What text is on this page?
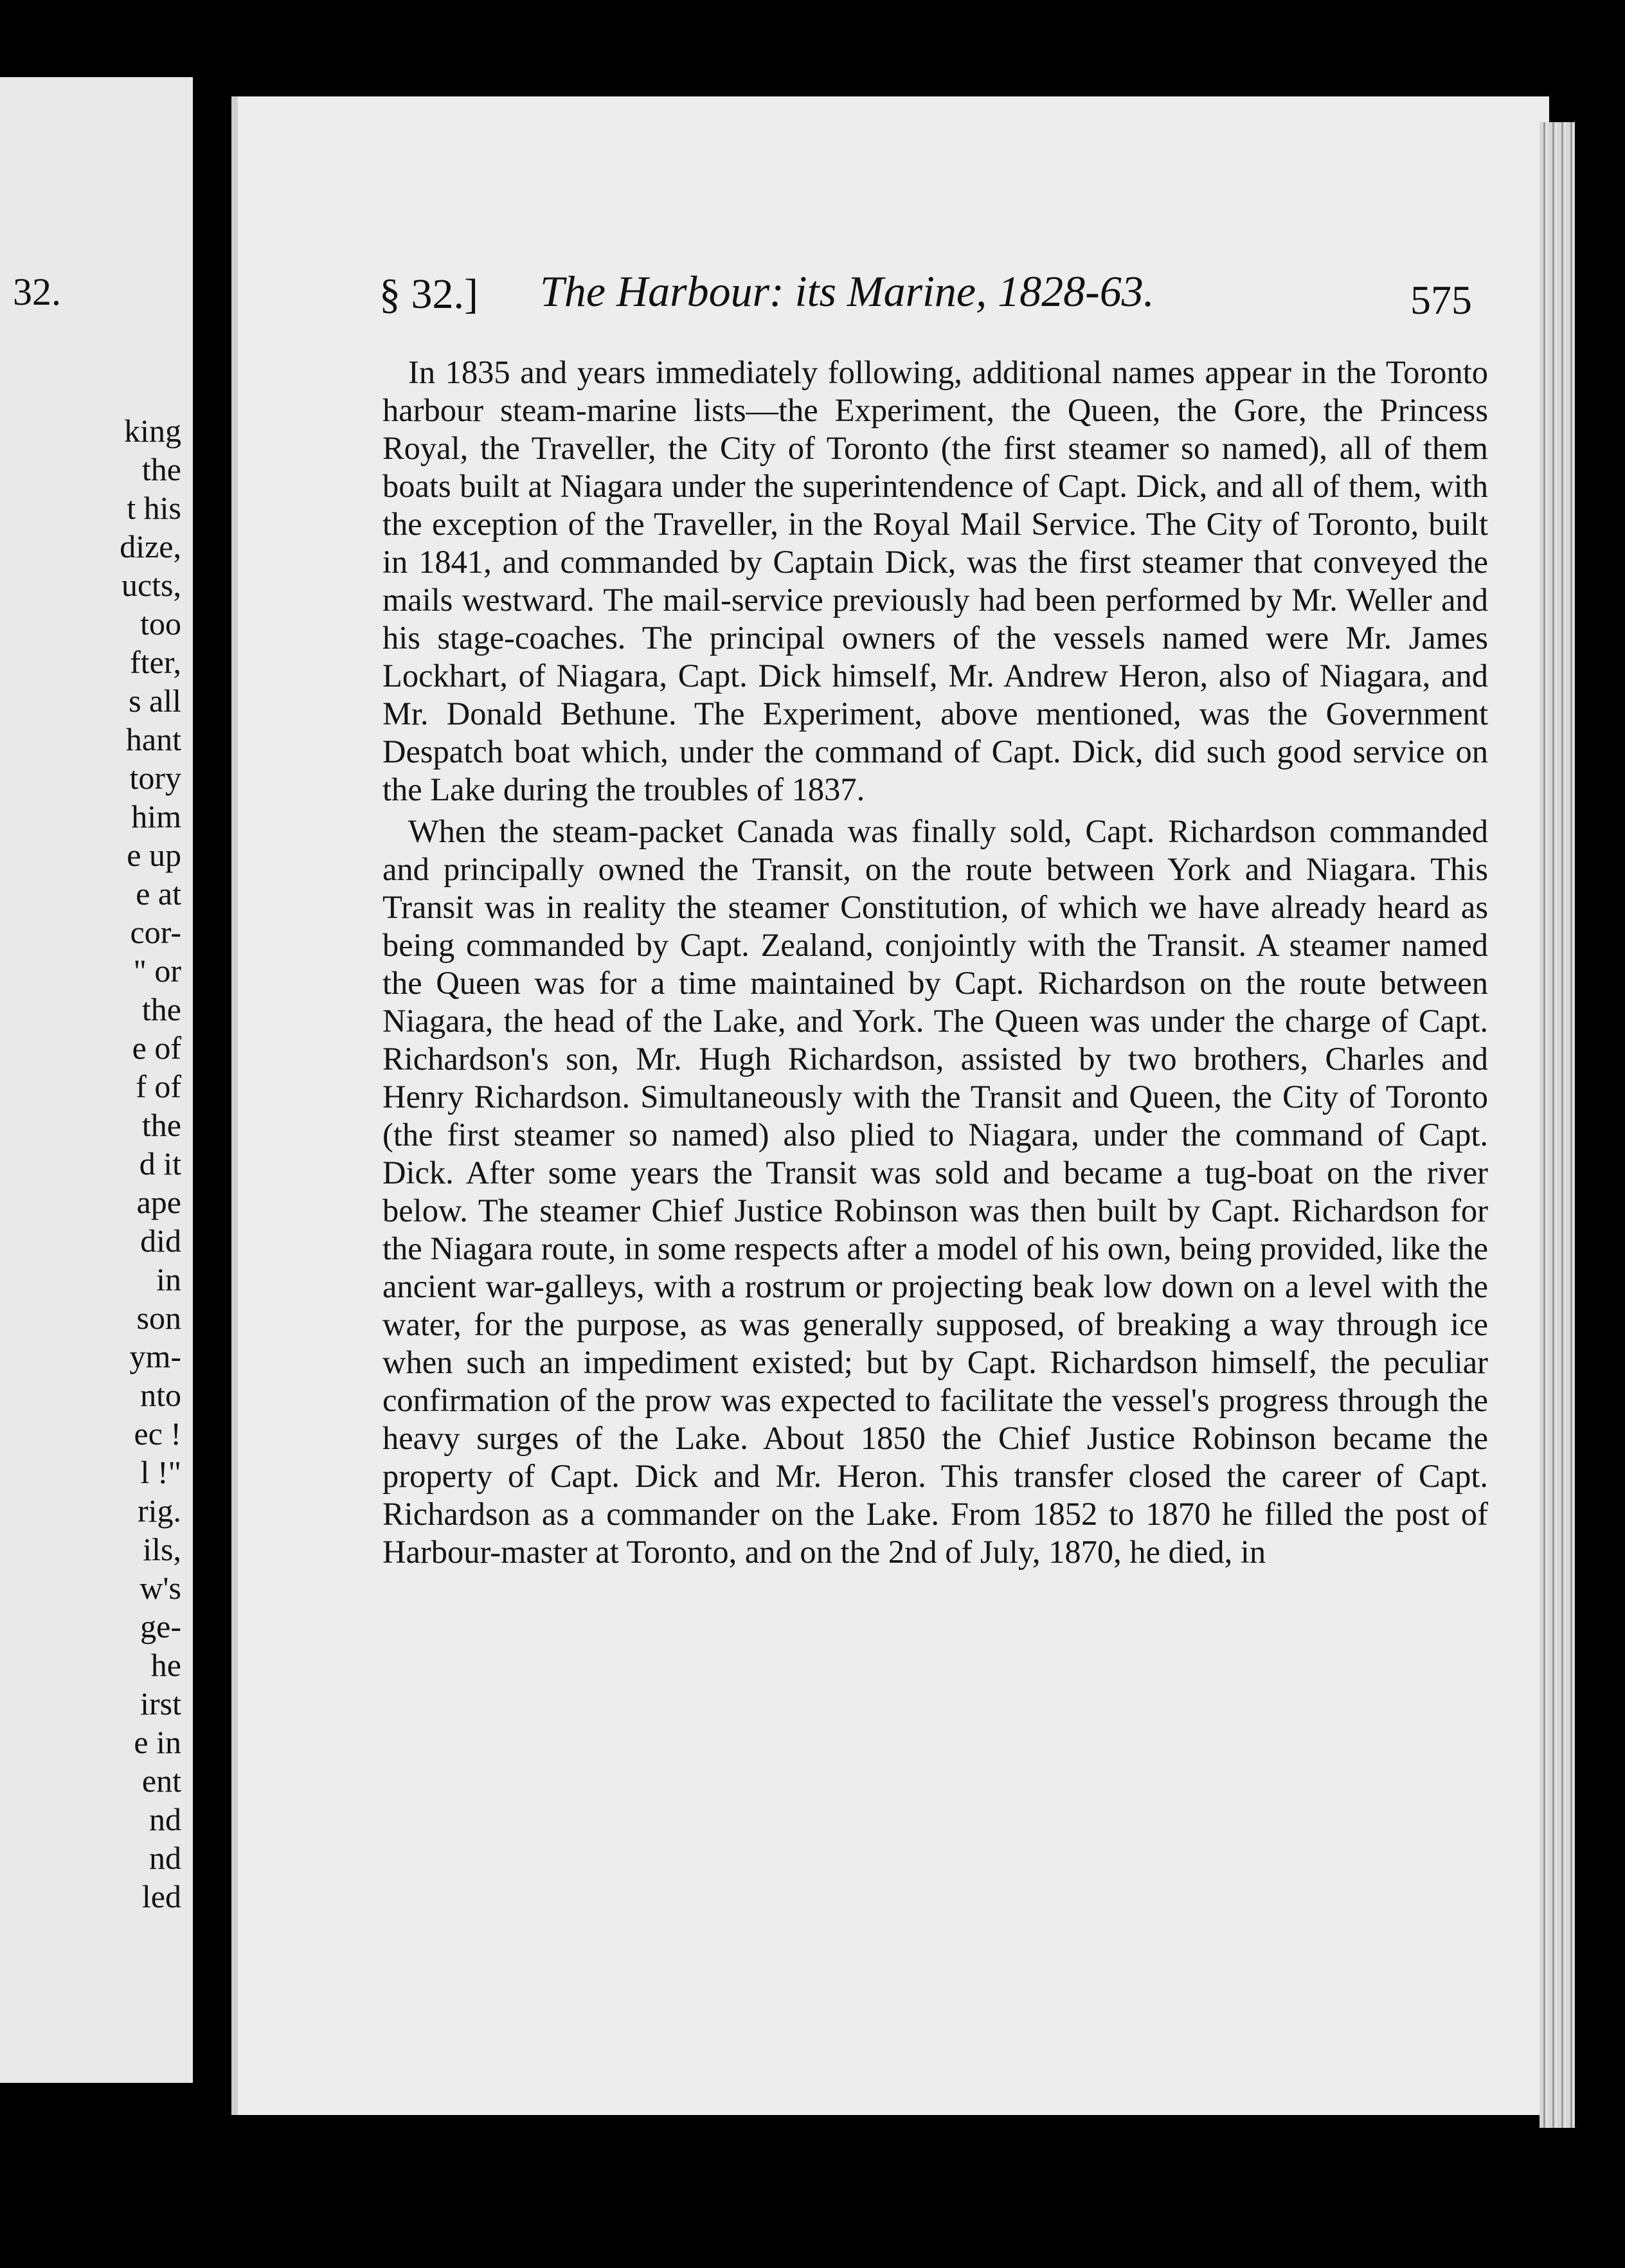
32.
king
the
t his
dize,
ucts,
too
fter,
s all
hant
tory
him
e up
e at
cor-
" or
the
e of
f of
the
d it
ape
did
in
son
ym-
nto
ec !
l !"
rig.
ils,
w's
ge-
he
irst
e in
ent
nd
nd
led
§ 32.] The Harbour: its Marine, 1828-63.	575

In 1835 and years immediately following, additional names appear in the Toronto harbour steam-marine lists—the Experiment, the Queen, the Gore, the Princess Royal, the Traveller, the City of Toronto (the first steamer so named), all of them boats built at Niagara under the superintendence of Capt. Dick, and all of them, with the exception of the Traveller, in the Royal Mail Service. The City of Toronto, built in 1841, and commanded by Captain Dick, was the first steamer that conveyed the mails westward. The mail-service previously had been performed by Mr. Weller and his stage-coaches. The principal owners of the vessels named were Mr. James Lockhart, of Niagara, Capt. Dick himself, Mr. Andrew Heron, also of Niagara, and Mr. Donald Bethune. The Experiment, above mentioned, was the Government Despatch boat which, under the command of Capt. Dick, did such good service on the Lake during the troubles of 1837.

When the steam-packet Canada was finally sold, Capt. Richardson commanded and principally owned the Transit, on the route between York and Niagara. This Transit was in reality the steamer Constitution, of which we have already heard as being commanded by Capt. Zealand, conjointly with the Transit. A steamer named the Queen was for a time maintained by Capt. Richardson on the route between Niagara, the head of the Lake, and York. The Queen was under the charge of Capt. Richardson's son, Mr. Hugh Richardson, assisted by two brothers, Charles and Henry Richardson. Simultaneously with the Transit and Queen, the City of Toronto (the first steamer so named) also plied to Niagara, under the command of Capt. Dick. After some years the Transit was sold and became a tug-boat on the river below. The steamer Chief Justice Robinson was then built by Capt. Richardson for the Niagara route, in some respects after a model of his own, being provided, like the ancient war-galleys, with a rostrum or projecting beak low down on a level with the water, for the purpose, as was generally supposed, of breaking a way through ice when such an impediment existed; but by Capt. Richardson himself, the peculiar confirmation of the prow was expected to facilitate the vessel's progress through the heavy surges of the Lake. About 1850 the Chief Justice Robinson became the property of Capt. Dick and Mr. Heron. This transfer closed the career of Capt. Richardson as a commander on the Lake. From 1852 to 1870 he filled the post of Harbour-master at Toronto, and on the 2nd of July, 1870, he died, in
